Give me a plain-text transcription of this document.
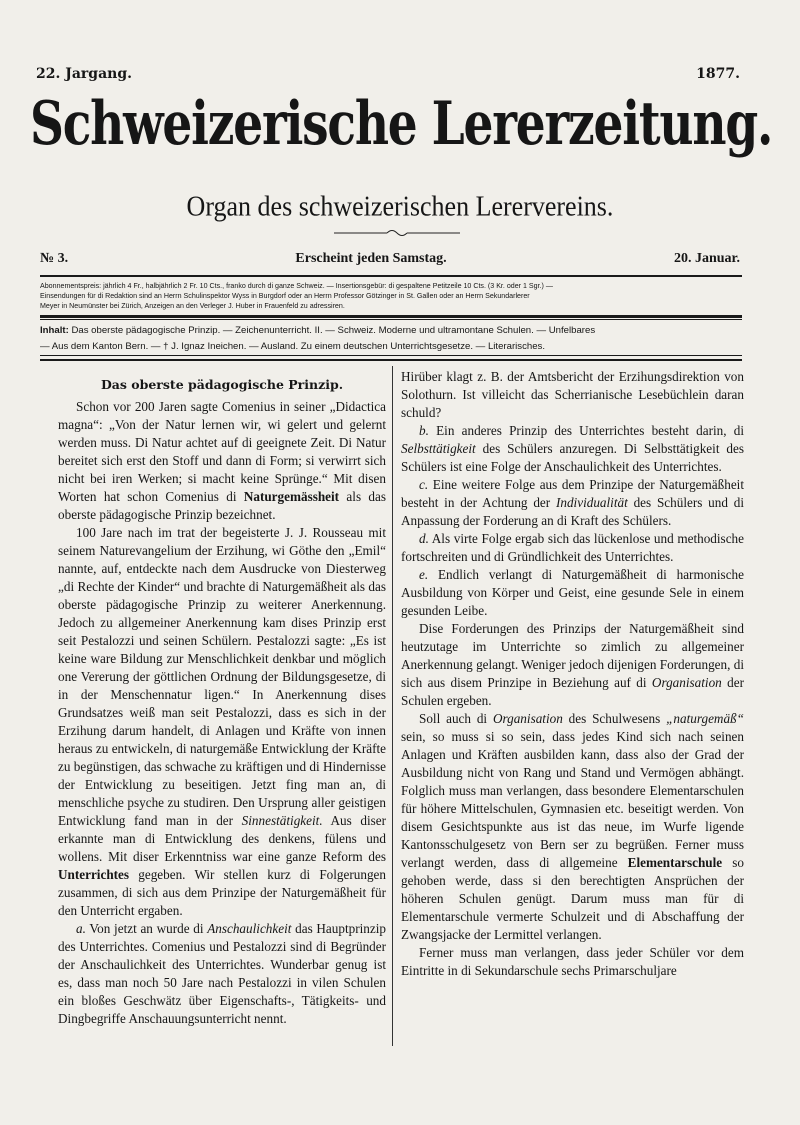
22. Jargang.	1877.
Schweizerische Lererzeitung.
Organ des schweizerischen Lerervereins.
№ 3.	Erscheint jeden Samstag.	20. Januar.

Abonnementspreis: jährlich 4 Fr., halbjährlich 2 Fr. 10 Cts., franko durch di ganze Schweiz. — Insertionsgebür: di gespaltene Petitzeile 10 Cts. (3 Kr. oder 1 Sgr.) —

Einsendungen für di Redaktion sind an Herrn Schulinspektor Wyss in Burgdorf oder an Herrn Professor Götzinger in St. Gallen oder an Herrn Sekundarlerer

Meyer in Neumünster bei Zürich, Anzeigen an den Verleger J. Huber in Frauenfeld zu adressiren.

Inhalt: Das oberste pädagogische Prinzip. — Zeichenunterricht. II. — Schweiz. Moderne und ultramontane Schulen. — Unfelbares

— Aus dem Kanton Bern. — † J. Ignaz Ineichen. — Ausland. Zu einem deutschen Unterrichtsgesetze. — Literarisches.

Das oberste pädagogische Prinzip.

Schon vor 200 Jaren sagte Comenius in seiner „Didactica magna“: „Von der Natur lernen wir, wi gelert und gelernt werden muss. Di Natur achtet auf di geeignete Zeit. Di Natur bereitet sich erst den Stoff und dann di Form; si verwirrt sich nicht bei iren Werken; si macht keine Sprünge.“ Mit disen Worten hat schon Comenius di Naturgemässheit als das oberste pädagogische Prinzip bezeichnet.

100 Jare nach im trat der begeisterte J. J. Rousseau mit seinem Naturevangelium der Erzihung, wi Göthe den „Emil“ nannte, auf, entdeckte nach dem Ausdrucke von Diesterweg „di Rechte der Kinder“ und brachte di Naturgemäßheit als das oberste pädagogische Prinzip zu weiterer Anerkennung. Jedoch zu allgemeiner Anerkennung kam dises Prinzip erst seit Pestalozzi und seinen Schülern. Pestalozzi sagte: „Es ist keine ware Bildung zur Menschlichkeit denkbar und möglich one Vererung der göttlichen Ordnung der Bildungsgesetze, di in der Menschennatur ligen.“ In Anerkennung dises Grundsatzes weiß man seit Pestalozzi, dass es sich in der Erzihung darum handelt, di Anlagen und Kräfte von innen heraus zu entwickeln, di naturgemäße Entwicklung der Kräfte zu begünstigen, das schwache zu kräftigen und di Hindernisse der Entwicklung zu beseitigen. Jetzt fing man an, di menschliche psyche zu studiren. Den Ursprung aller geistigen Entwicklung fand man in der Sinnestätigkeit. Aus diser erkannte man di Entwicklung des denkens, fülens und wollens. Mit diser Erkenntniss war eine ganze Reform des Unterrichtes gegeben. Wir stellen kurz di Folgerungen zusammen, di sich aus dem Prinzipe der Naturgemäßheit für den Unterricht ergaben.

a. Von jetzt an wurde di Anschaulichkeit das Hauptprinzip des Unterrichtes. Comenius und Pestalozzi sind di Begründer der Anschaulichkeit des Unterrichtes. Wunderbar genug ist es, dass man noch 50 Jare nach Pestalozzi in vilen Schulen ein bloßes Geschwätz über Eigenschafts-, Tätigkeits- und Dingbegriffe Anschauungsunterricht nennt.

Hirüber klagt z. B. der Amtsbericht der Erzihungsdirektion von Solothurn. Ist villeicht das Scherrianische Lesebüchlein daran schuld?

b. Ein anderes Prinzip des Unterrichtes besteht darin, di Selbsttätigkeit des Schülers anzuregen. Di Selbsttätigkeit des Schülers ist eine Folge der Anschaulichkeit des Unterrichtes.

c. Eine weitere Folge aus dem Prinzipe der Naturgemäßheit besteht in der Achtung der Individualität des Schülers und di Anpassung der Forderung an di Kraft des Schülers.

d. Als virte Folge ergab sich das lückenlose und methodische fortschreiten und di Gründlichkeit des Unterrichtes.

e. Endlich verlangt di Naturgemäßheit di harmonische Ausbildung von Körper und Geist, eine gesunde Sele in einem gesunden Leibe.

Dise Forderungen des Prinzips der Naturgemäßheit sind heutzutage im Unterrichte so zimlich zu allgemeiner Anerkennung gelangt. Weniger jedoch dijenigen Forderungen, di sich aus disem Prinzipe in Beziehung auf di Organisation der Schulen ergeben.

Soll auch di Organisation des Schulwesens „naturgemäß“ sein, so muss si so sein, dass jedes Kind sich nach seinen Anlagen und Kräften ausbilden kann, dass also der Grad der Ausbildung nicht von Rang und Stand und Vermögen abhängt. Folglich muss man verlangen, dass besondere Elementarschulen für höhere Mittelschulen, Gymnasien etc. beseitigt werden. Von disem Gesichtspunkte aus ist das neue, im Wurfe ligende Kantonsschulgesetz von Bern ser zu begrüßen. Ferner muss verlangt werden, dass di allgemeine Elementarschule so gehoben werde, dass si den berechtigten Ansprüchen der höheren Schulen genügt. Darum muss man für di Elementarschule vermerte Schulzeit und di Abschaffung der Zwangsjacke der Lermittel verlangen.

Ferner muss man verlangen, dass jeder Schüler vor dem Eintritte in di Sekundarschule sechs Primarschuljare
